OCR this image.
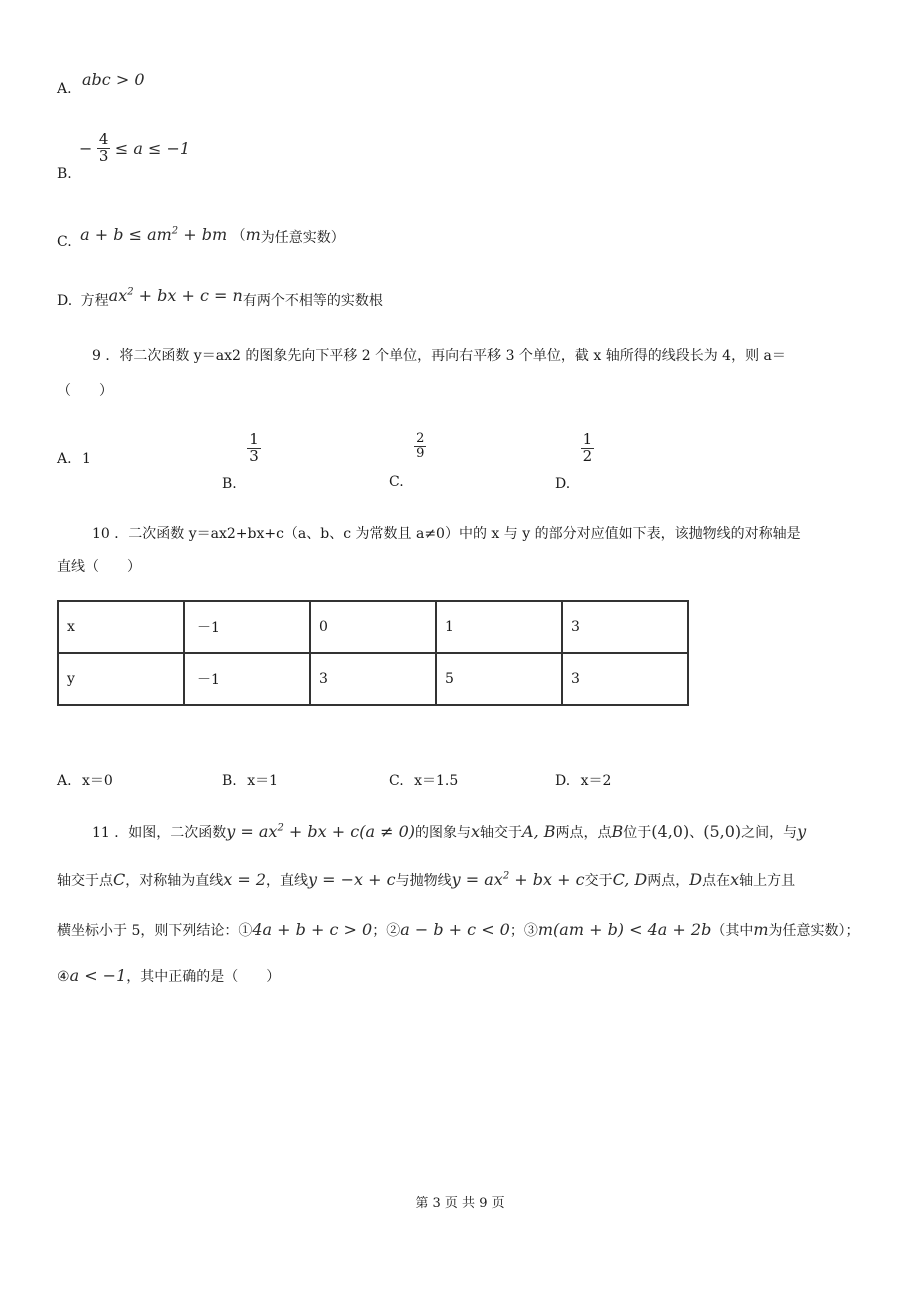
A. abc > 0
B.
− $\frac{4}{3} \le a \le -1$
C. $a + b \le am^2$ + bm （m为任意实数）
D. 方程$ax^2$ + bx + c = n有两个不相等的实数根
9 ．将二次函数 y＝ax2 的图象先向下平移 2 个单位，再向右平移 3 个单位，截 x 轴所得的线段长为 4，则 a＝
（　　）
A. 1
B.
$\frac{1}{3}$
C.
$\frac{2}{9}$
D.
$\frac{1}{2}$
10 ．二次函数 y＝ax2+bx+c（a、b、c 为常数且 a≠0）中的 x 与 y 的部分对应值如下表，该抛物线的对称轴是
直线（　　）
x	－1	0	1	3
y	－1	3	5	3
A. x＝0	B. x＝1	C. x＝1.5	D. x＝2
11 ．如图，二次函数$y = ax^2$ + bx + c(a ≠ 0)的图象与x轴交于A, B两点，点B位于(4,0)、(5,0)之间，与y
轴交于点C，对称轴为直线x = 2，直线y = −x + c与抛物线$y = ax^2$ + bx + c交于C, D两点，D点在x轴上方且
横坐标小于 5，则下列结论：①4a + b + c > 0；②a − b + c < 0；③m(am + b) < 4a + 2b（其中m为任意实数）；
④a < −1，其中正确的是（　　）
第 3 页 共 9 页
